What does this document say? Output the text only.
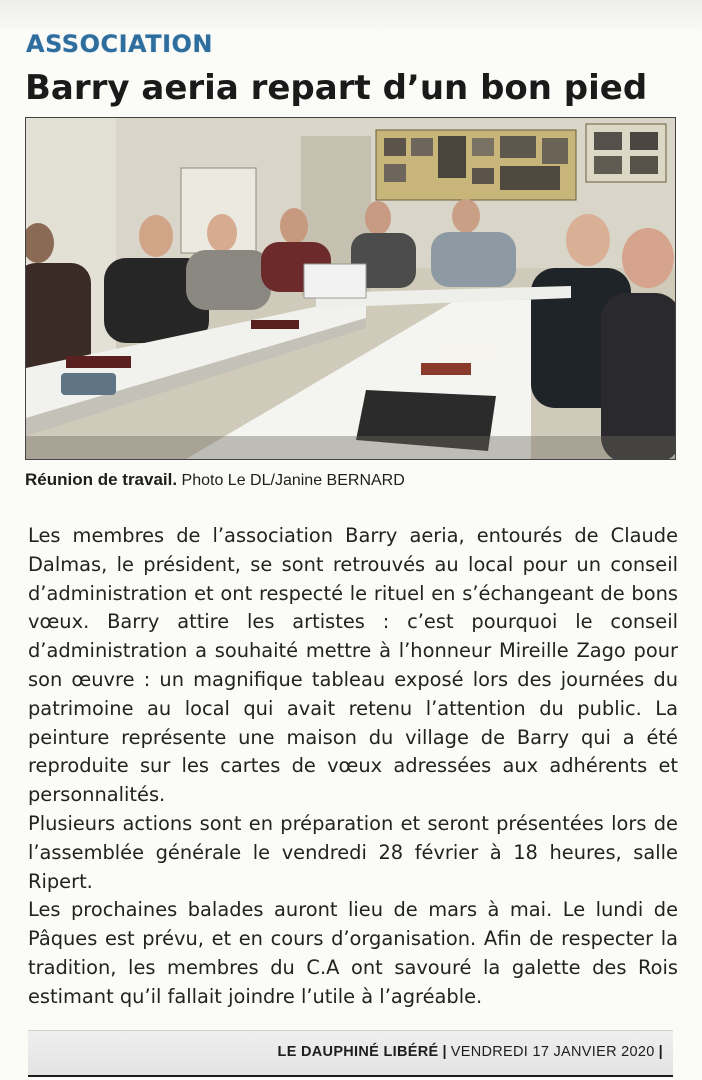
ASSOCIATION
Barry aeria repart d’un bon pied
Réunion de travail. Photo Le DL/Janine BERNARD

Les membres de l’association Barry aeria, entourés de Claude Dalmas, le président, se sont retrouvés au local pour un conseil d’administration et ont respecté le rituel en s’échangeant de bons vœux. Barry attire les artistes : c’est pourquoi le conseil d’administration a souhaité mettre à l’honneur Mireille Zago pour son œuvre : un magnifique tableau exposé lors des journées du patrimoine au local qui avait retenu l’attention du public. La peinture représente une maison du village de Barry qui a été reproduite sur les cartes de vœux adressées aux adhérents et personnalités.

Plusieurs actions sont en préparation et seront présentées lors de l’assemblée générale le vendredi 28 février à 18 heures, salle Ripert.

Les prochaines balades auront lieu de mars à mai. Le lundi de Pâques est prévu, et en cours d’organisation. Afin de respecter la tradition, les membres du C.A ont savouré la galette des Rois estimant qu’il fallait joindre l’utile à l’agréable.

LE DAUPHINÉ LIBÉRÉ | VENDREDI 17 JANVIER 2020 |
